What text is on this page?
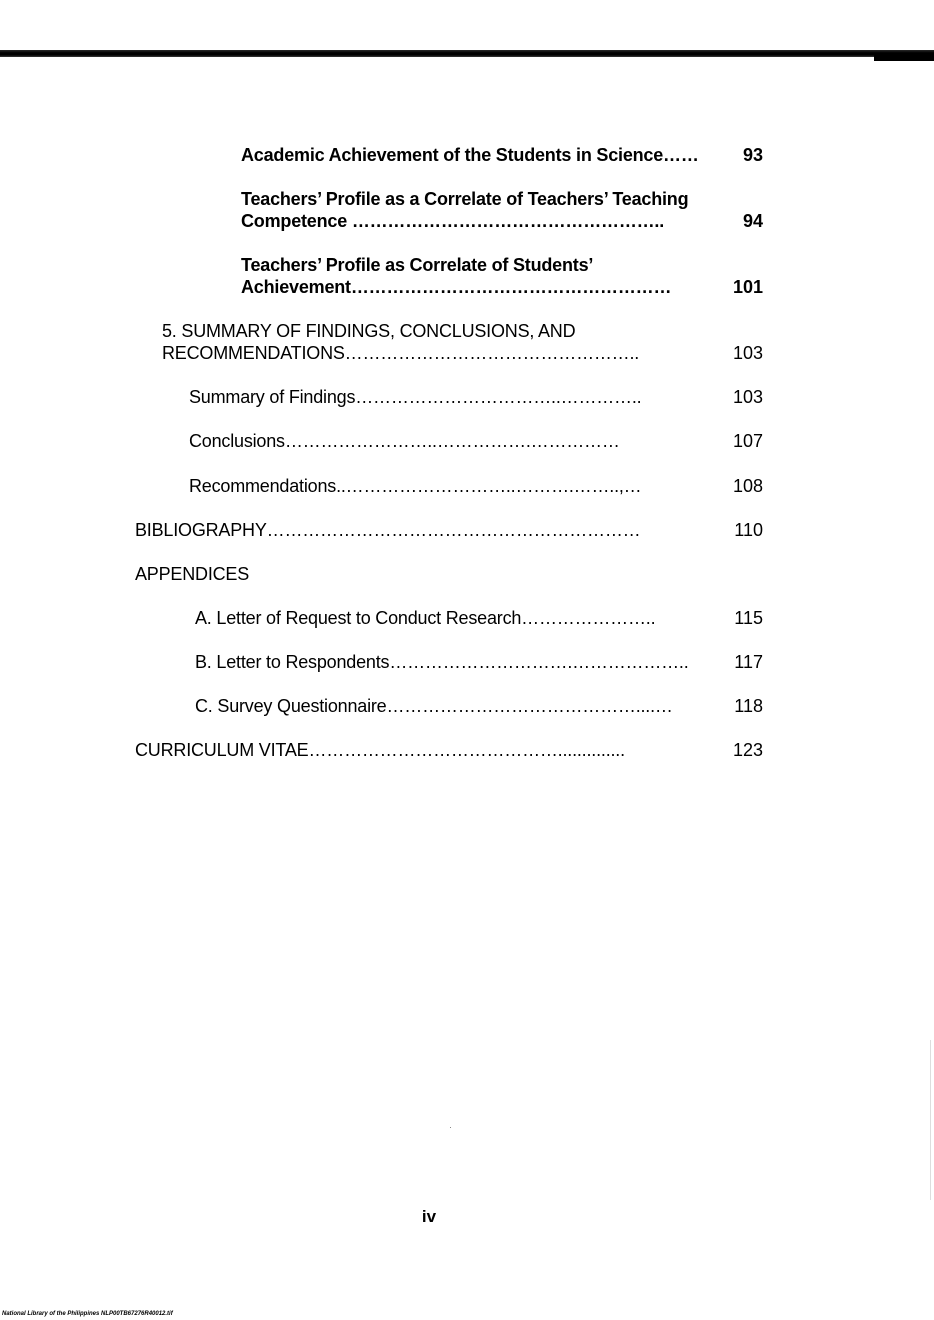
Academic Achievement of the Students in Science……	93
Teachers’ Profile as a Correlate of Teachers’ Teaching
Competence ……………………………………………..	94
Teachers’ Profile as Correlate of Students’
Achievement………………………………………………	101
5. SUMMARY OF FINDINGS, CONCLUSIONS, AND
RECOMMENDATIONS…………………………………………..	103
Summary of Findings……………………………..…………..	103
Conclusions……………………..…………….……………	107
Recommendations..………………………..……….……..,…	108
BIBLIOGRAPHY………………………………………………………	110
APPENDICES
A. Letter of Request to Conduct Research…………………..	115
B. Letter to Respondents………………………….………………..	117
C. Survey Questionnaire……………………………………....…	118
CURRICULUM VITAE……………………………………..............	123
iv
National Library of the Philippines NLP00TB67276R40012.tif
